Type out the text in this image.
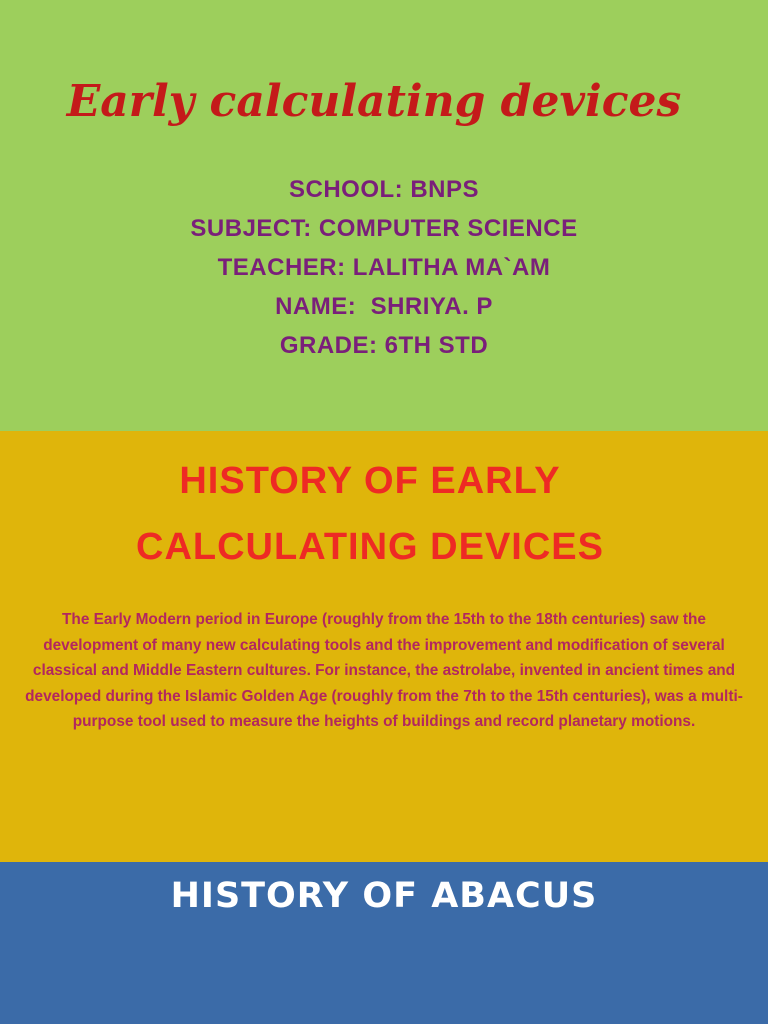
Early calculating devices
SCHOOL: BNPS
SUBJECT: COMPUTER SCIENCE
TEACHER: LALITHA MA`AM
NAME:  SHRIYA. P
GRADE: 6TH STD
HISTORY OF EARLY
CALCULATING DEVICES

The Early Modern period in Europe (roughly from the 15th to the 18th centuries) saw the development of many new calculating tools and the improvement and modification of several classical and Middle Eastern cultures. For instance, the astrolabe, invented in ancient times and developed during the Islamic Golden Age (roughly from the 7th to the 15th centuries), was a multi-purpose tool used to measure the heights of buildings and record planetary motions.

HISTORY OF ABACUS
